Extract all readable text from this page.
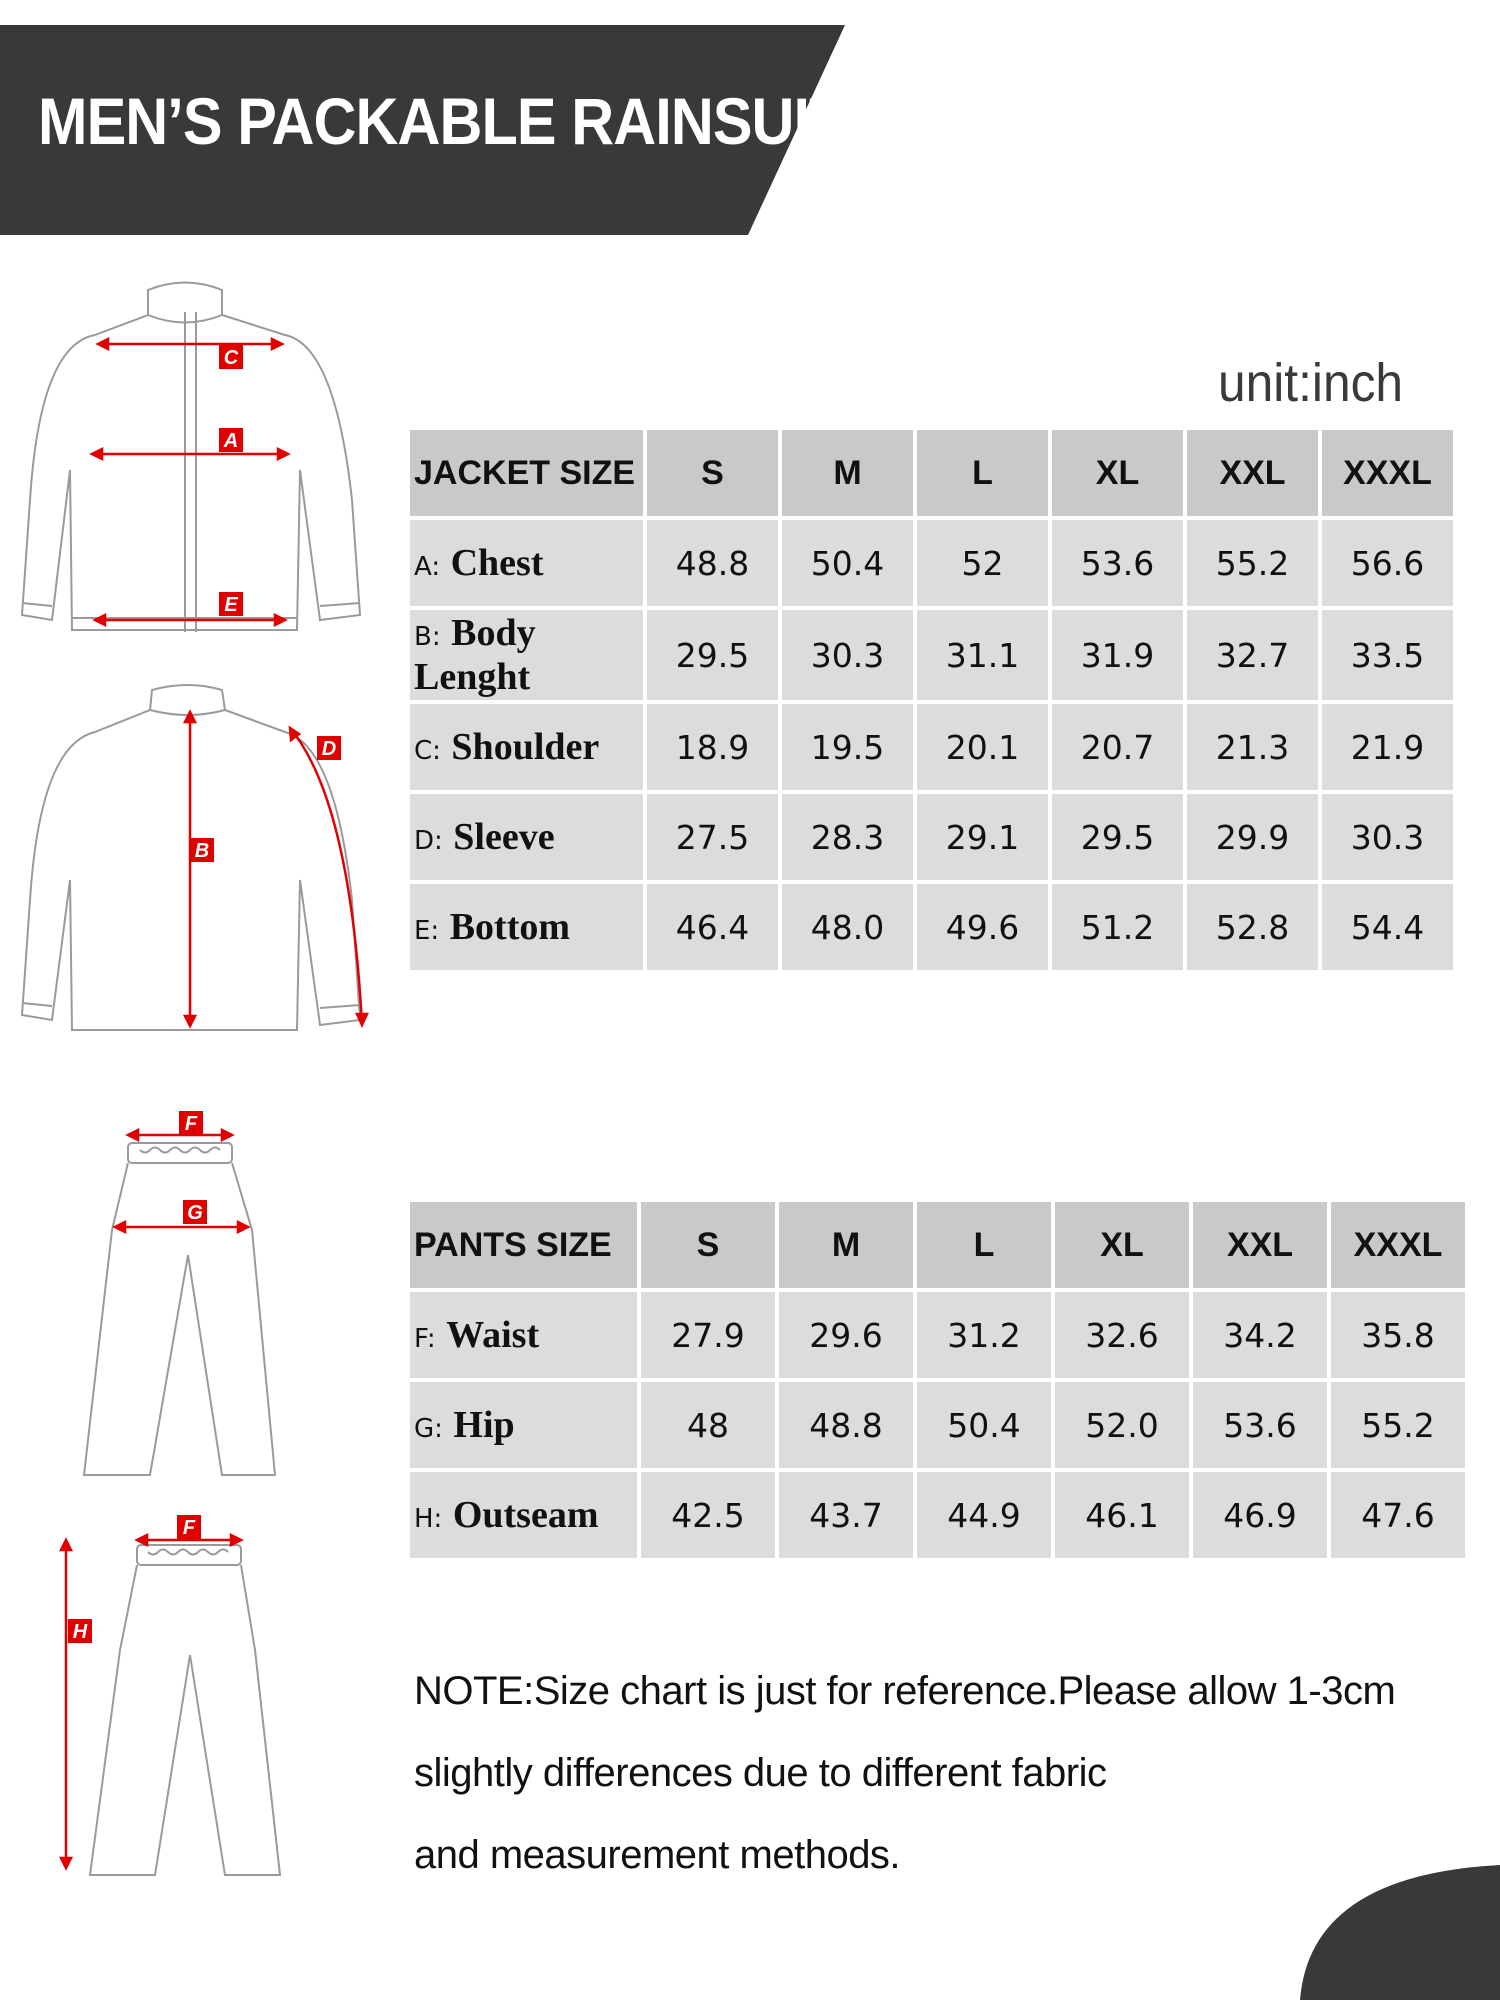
MEN’S PACKABLE RAINSUITS
C
A
E
D
B
F
G
F
H
unit:inch
JACKET SIZE	S	M	L	XL	XXL	XXXL
A: Chest	48.8	50.4	52	53.6	55.2	56.6
B: Body Lenght	29.5	30.3	31.1	31.9	32.7	33.5
C: Shoulder	18.9	19.5	20.1	20.7	21.3	21.9
D: Sleeve	27.5	28.3	29.1	29.5	29.9	30.3
E: Bottom	46.4	48.0	49.6	51.2	52.8	54.4
PANTS SIZE	S	M	L	XL	XXL	XXXL
F: Waist	27.9	29.6	31.2	32.6	34.2	35.8
G: Hip	48	48.8	50.4	52.0	53.6	55.2
H: Outseam	42.5	43.7	44.9	46.1	46.9	47.6

NOTE:Size chart is just for reference.Please allow 1-3cm

slightly differences due to different fabric

and measurement methods.
